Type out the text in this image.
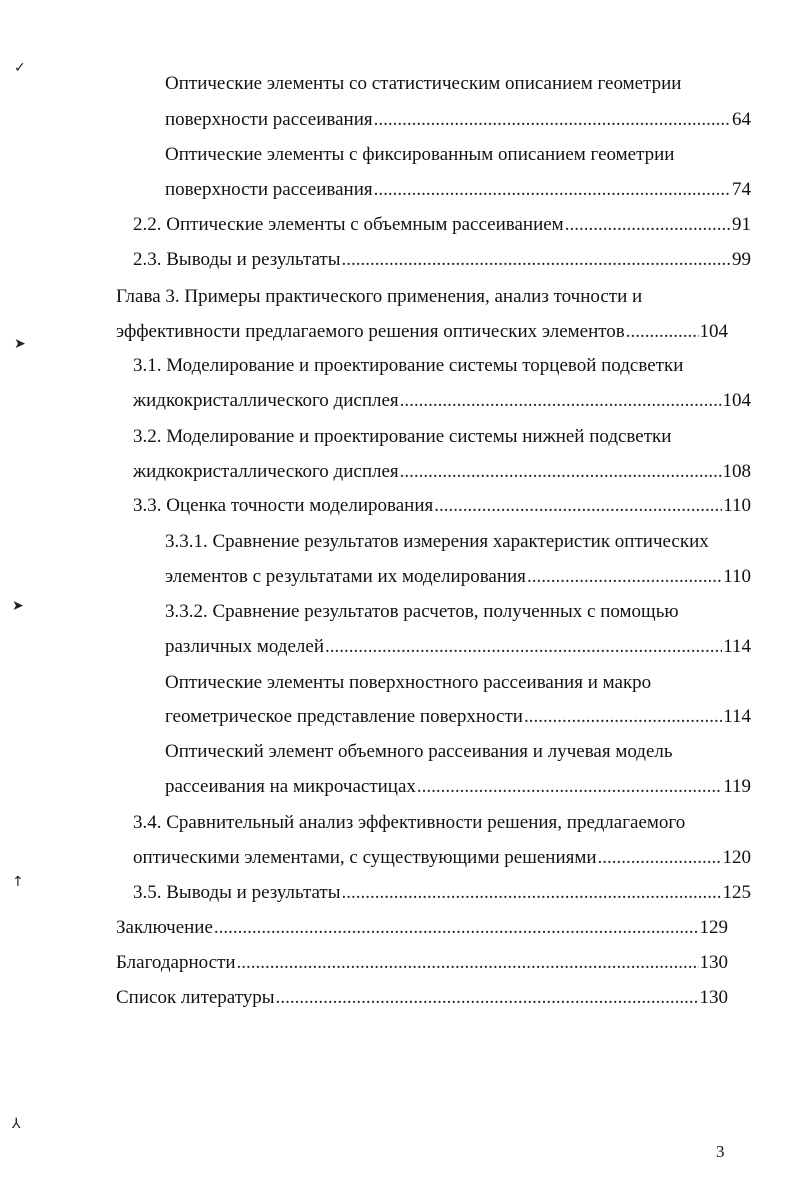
✓
➤
➤
↑
⅄
Оптические элементы со статистическим описанием геометрии
поверхности рассеивания .....	64
Оптические элементы с фиксированным описанием геометрии
поверхности рассеивания .....	74
2.2. Оптические элементы с объемным рассеиванием .....	91
2.3. Выводы и результаты .....	99
Глава 3. Примеры практического применения, анализ точности и
эффективности предлагаемого решения оптических элементов .....	104
3.1. Моделирование и проектирование системы торцевой подсветки
жидкокристаллического дисплея .....	104
3.2. Моделирование и проектирование системы нижней подсветки
жидкокристаллического дисплея .....	108
3.3. Оценка точности моделирования .....	110
3.3.1. Сравнение результатов измерения характеристик оптических
элементов с результатами их моделирования .....	110
3.3.2. Сравнение результатов расчетов, полученных с помощью
различных моделей .....	114
Оптические элементы поверхностного рассеивания и макро
геометрическое представление поверхности .....	114
Оптический элемент объемного рассеивания и лучевая модель
рассеивания на микрочастицах .....	119
3.4. Сравнительный анализ эффективности решения, предлагаемого
оптическими элементами, с существующими решениями .....	120
3.5. Выводы и результаты .....	125
Заключение .....	129
Благодарности .....	130
Список литературы .....	130
3
